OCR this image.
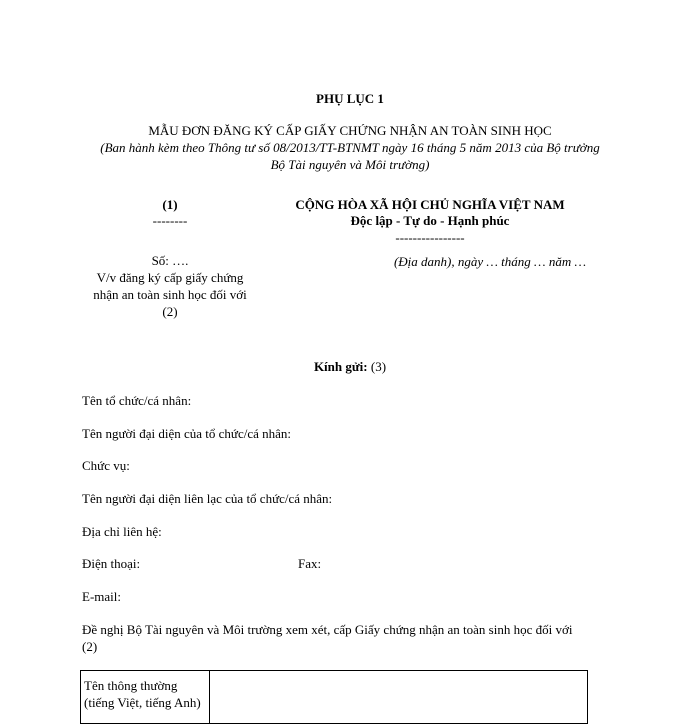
PHỤ LỤC 1
MẪU ĐƠN ĐĂNG KÝ CẤP GIẤY CHỨNG NHẬN AN TOÀN SINH HỌC
(Ban hành kèm theo Thông tư số 08/2013/TT-BTNMT ngày 16 tháng 5 năm 2013 của Bộ trưởng
Bộ Tài nguyên và Môi trường)
(1)
--------
Số: ….
V/v đăng ký cấp giấy chứng
nhận an toàn sinh học đối với
(2)
CỘNG HÒA XÃ HỘI CHỦ NGHĨA VIỆT NAM
Độc lập - Tự do - Hạnh phúc
----------------
(Địa danh), ngày … tháng … năm …
Kính gửi: (3)
Tên tổ chức/cá nhân:
Tên người đại diện của tổ chức/cá nhân:
Chức vụ:
Tên người đại diện liên lạc của tổ chức/cá nhân:
Địa chỉ liên hệ:
Điện thoại:	Fax:
E-mail:
Đề nghị Bộ Tài nguyên và Môi trường xem xét, cấp Giấy chứng nhận an toàn sinh học đối với
(2)
Tên thông thường
(tiếng Việt, tiếng Anh)
